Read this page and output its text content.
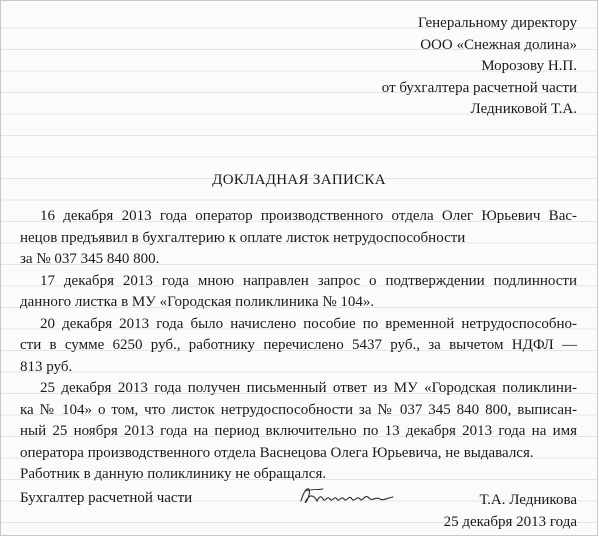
Генеральному директору
ООО «Снежная долина»
Морозову Н.П.
от бухгалтера расчетной части
Ледниковой Т.А.
ДОКЛАДНАЯ ЗАПИСКА
16 декабря 2013 года оператор производственного отдела Олег Юрьевич Вас-
нецов предъявил в бухгалтерию к оплате листок нетрудоспособности
за № 037 345 840 800.
17 декабря 2013 года мною направлен запрос о подтверждении подлинности
данного листка в МУ «Городская поликлиника № 104».
20 декабря 2013 года было начислено пособие по временной нетрудоспособно-
сти в сумме 6250 руб., работнику перечислено 5437 руб., за вычетом НДФЛ —
813 руб.
25 декабря 2013 года получен письменный ответ из МУ «Городская поликлини-
ка № 104» о том, что листок нетрудоспособности за № 037 345 840 800, выписан-
ный 25 ноября 2013 года на период включительно по 13 декабря 2013 года на имя
оператора производственного отдела Васнецова Олега Юрьевича, не выдавался.
Работник в данную поликлинику не обращался.
Бухгалтер расчетной части	Т.А. Ледникова
25 декабря 2013 года
